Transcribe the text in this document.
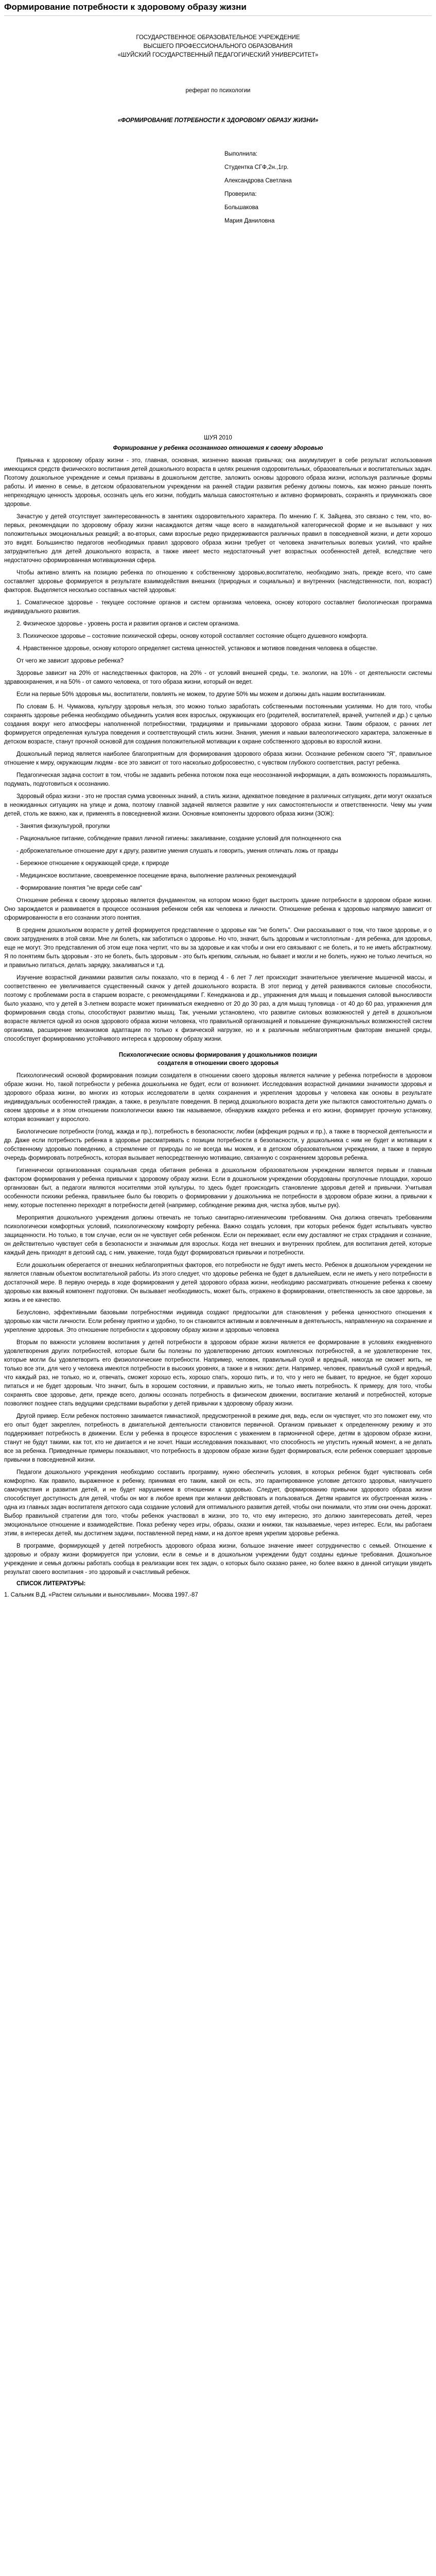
Формирование потребности к здоровому образу жизни
ГОСУДАРСТВЕННОЕ ОБРАЗОВАТЕЛЬНОЕ УЧРЕЖДЕНИЕ
ВЫСШЕГО ПРОФЕССИОНАЛЬНОГО ОБРАЗОВАНИЯ
«ШУЙСКИЙ ГОСУДАРСТВЕННЫЙ ПЕДАГОГИЧЕСКИЙ УНИВЕРСИТЕТ»
реферат по психологии
«ФОРМИРОВАНИЕ ПОТРЕБНОСТИ К ЗДОРОВОМУ ОБРАЗУ ЖИЗНИ»
Выполнила:
Студентка СГФ,2н.,1гр.
Александрова Светлана
Проверила:
Большакова
Мария Даниловна
ШУЯ 2010
Формирование у ребенка осознанного отношения к своему здоровью

Привычка к здоровому образу жизни - это, главная, основная, жизненно важная привычка; она аккумулирует в себе результат использования имеющихся средств физического воспитания детей дошкольного возраста в целях решения оздоровительных, образовательных и воспитательных задач. Поэтому дошкольное учреждение и семья призваны в дошкольном детстве, заложить основы здорового образа жизни, используя различные формы работы. И именно в семье, в детском образовательном учреждении на ранней стадии развития ребенку должны помочь, как можно раньше понять непреходящую ценность здоровья, осознать цель его жизни, побудить малыша самостоятельно и активно формировать, сохранять и приумножать свое здоровье.

Зачастую у детей отсутствует заинтересованность в занятиях оздоровительного характера. По мнению Г. К. Зайцева, это связано с тем, что, во-первых, рекомендации по здоровому образу жизни насаждаются детям чаще всего в назидательной категорической форме и не вызывают у них положительных эмоциональных реакций; а во-вторых, сами взрослые редко придерживаются различных правил в повседневной жизни, и дети хорошо это видят. Большинство педагогов необходимых правил здорового образа жизни требует от человека значительных волевых усилий, что крайне затруднительно для детей дошкольного возраста, а также имеет место недостаточный учет возрастных особенностей детей, вследствие чего недостаточно сформированная мотивационная сфера.

Чтобы активно влиять на позицию ребенка по отношению к собственному здоровью,воспитателю, необходимо знать, прежде всего, что саме составляет здоровье формируется в результате взаимодействия внешних (природных и социальных) и внутренних (наследственности, пол, возраст) факторов. Выделяется несколько составных частей здоровья:

1. Соматическое здоровье - текущее состояние органов и систем организма человека, основу которого составляет биологическая программа индивидуального развития.

2. Физическое здоровье - уровень роста и развития органов и систем организма.

3. Психическое здоровье – состояние психической сферы, основу которой составляет состояние общего душевного комфорта.

4. Нравственное здоровье, основу которого определяет система ценностей, установок и мотивов поведения человека в обществе.

От чего же зависит здоровье ребенка?

Здоровье зависит на 20% от наследственных факторов, на 20% - от условий внешней среды, т.е. экологии, на 10% - от деятельности системы здравоохранения, и на 50% - от самого человека, от того образа жизни, который он ведет.

Если на первые 50% здоровья мы, воспитатели, повлиять не можем, то другие 50% мы можем и должны дать нашим воспитанникам.

По словам Б. Н. Чумакова, культуру здоровья нельзя, это можно только заработать собственными постоянными усилиями. Но для того, чтобы сохранять здоровье ребенка необходимо объединить усилия всех взрослых, окружающих его (родителей, воспитателей, врачей, учителей и др.) с целью создания вокруг него атмосферы наполненной потребностями, традициями и привычками здорового образа жизни. Таким образом, с ранних лет формируется определенная культура поведения и соответствующий стиль жизни. Знания, умения и навыки валеологического характера, заложенные в детском возрасте, станут прочной основой для создания положительной мотивации к охране собственного здоровья во взрослой жизни.

Дошкольный период является наиболее благоприятным для формирования здорового образа жизни. Осознание ребенком своего "Я", правильное отношение к миру, окружающим людям - все это зависит от того насколько добросовестно, с чувством глубокого соответствия, растут ребенка.

Педагогическая задача состоит в том, чтобы не задавить ребенка потоком пока еще неосознанной информации, а дать возможность поразмышлять, подумать, подготовиться к осознанию.

Здоровый образ жизни - это не простая сумма усвоенных знаний, а стиль жизни, адекватное поведение в различных ситуациях, дети могут оказаться в неожиданных ситуациях на улице и дома, поэтому главной задачей является развитие у них самостоятельности и ответственности. Чему мы учим детей, столь же важно, как и, применять в повседневной жизни. Основные компоненты здорового образа жизни (ЗОЖ):

- Занятия физкультурой, прогулки

- Рациональное питание, соблюдение правил личной гигиены: закаливание, создание условий для полноценного сна

- доброжелательное отношение друг к другу, развитие умения слушать и говорить, умения отличать ложь от правды

- Бережное отношение к окружающей среде, к природе

- Медицинское воспитание, своевременное посещение врача, выполнение различных рекомендаций

- Формирование понятия "не вреди себе сам"

Отношение ребенка к своему здоровью является фундаментом, на котором можно будет выстроить здание потребности в здоровом образе жизни. Оно зарождается и развивается в процессе осознания ребенком себя как человека и личности. Отношение ребенка к здоровью напрямую зависит от сформированности в его сознании этого понятия.

В среднем дошкольном возрасте у детей формируется представление о здоровье как "не болеть". Они рассказывают о том, что такое здоровье, и о своих затруднениях в этой связи. Мне ли болеть, как заботиться о здоровье. Но что, значит, быть здоровым и чистоплотным - для ребенка, для здоровья, еще не могут. Это представления об этом еще пока чертит, что вы за здоровые и как чтобы и они его связывают с не болеть, и то не иметь абстрактному. Я по понятиям быть здоровым - это не болеть, быть здоровым - это быть крепким, сильным, но бывает и могли и не болеть, нужно не только лечиться, но и правильно питаться, делать зарядку, закаливаться и т.д.

Изучение возрастной динамики развития силы показало, что в период 4 - 6 лет 7 лет происходит значительное увеличение мышечной массы, и соответственно ее увеличивается существенный скачок у детей дошкольного возраста. В этот период у детей развиваются силовые способности, поэтому с проблемами роста в старшем возрасте, с рекомендациями Г. Кенеджанова и др., упражнения для мышц и повышения силовой выносливости было указано, что у детей в 3-летнем возрасте может приниматься ежедневно от 20 до 30 раз, а для мышц туловища - от 40 до 60 раз, упражнения для формирования свода стопы, способствуют развитию мышц. Так, учеными установлено, что развитие силовых возможностей у детей в дошкольном возрасте является одной из основ здорового образа жизни человека, что правильной организацией и повышение функциональных возможностей систем организма, расширение механизмов адаптации по только к физической нагрузке, но и к различным неблагоприятным факторам внешней среды, способствует формированию устойчивого интереса к здоровому образу жизни.

Психологические основы формирования у дошкольников позиции
создателя в отношении своего здоровья

Психологический основой формирования позиции созидателя в отношении своего здоровья является наличие у ребенка потребности в здоровом образе жизни. Но, такой потребности у ребенка дошкольника не будет, если от возникнет. Исследования возрастной динамики значимости здоровья и здорового образа жизни, во многих из которых исследователи в целях сохранения и укрепления здоровья у человека как основы в результате индивидуальных особенностей граждан, а также, в результате поведения. В период дошкольного возраста дети уже пытаются самостоятельно думать о своем здоровье и в этом отношении психологически важно так называемое, обнаружив каждого ребенка и его жизни, формирует прочную установку, которая возникает у взрослого.

Биологические потребности (голод, жажда и пр.), потребность в безопасности; любви (аффекция родных и пр.), а также в творческой деятельности и др. Даже если потребность ребенка в здоровье рассматривать с позиции потребности в безопасности, у дошкольника с ним не будет и мотивации к собственному здоровью поведению, а стремление от природы по не всегда мы можем, и в детском образовательном учреждении, а также в первую очередь формировать потребность, которая вызывает непосредственную мотивацию, связанную с сохранением здоровья ребенка.

Гигиенически организованная социальная среда обитания ребенка в дошкольном образовательном учреждении является первым и главным фактором формирования у ребенка привычки к здоровому образу жизни. Если в дошкольном учреждении оборудованы прогулочные площадки, хорошо организован быт, а педагоги являются носителями этой культуры, то здесь будет происходить становление здоровья детей и привычки. Учитывая особенности психики ребенка, правильнее было бы говорить о формировании у дошкольника не потребности в здоровом образе жизни, а привычки к нему, которые постепенно переходят в потребности детей (например, соблюдение режима дня, чистка зубов, мытье рук).

Мероприятия дошкольного учреждения должны отвечать не только санитарно-гигиеническим требованиям. Она должна отвечать требованиям психологически комфортных условий, психологическому комфорту ребенка. Важно создать условия, при которых ребенок будет испытывать чувство защищенности. Но только, в том случае, если он не чувствует себя ребенком. Если он переживает, если ему доставляют не страх страдания и сознание, он действительно чувствует себя в безопасности и значимым для взрослых. Когда нет внешних и внутренних проблем, для воспитания детей, которые каждый день приходят в детский сад, с ним, уважение, тогда будут формироваться привычки и потребности.

Если дошкольник оберегается от внешних неблагоприятных факторов, его потребности не будут иметь место. Ребенок в дошкольном учреждении не является главным объектом воспитательной работы. Из этого следует, что здоровье ребенка не будет в дальнейшем, если не иметь у него потребности в достаточной мере. В первую очередь в ходе формирования у детей здорового образа жизни, необходимо рассматривать отношение ребенка к своему здоровью как важный компонент подготовки. Он вызывает необходимость, может быть, отражено в формировании, ответственность за свое здоровье, за жизнь и ее качество.

Безусловно, эффективными базовыми потребностями индивида создают предпосылки для становления у ребенка ценностного отношения к здоровью как части личности. Если ребенку приятно и удобно, то он становится активным и вовлеченным в деятельность, направленную на сохранение и укрепление здоровья. Это отношение потребности к здоровому образу жизни и здоровью человека

Вторым по важности условием воспитания у детей потребности в здоровом образе жизни является ее формирование в условиях ежедневного удовлетворения других потребностей, которые были бы полезны по удовлетворению детских комплексных потребностей, а не удовлетворение тех, которые могли бы удовлетворить его физиологические потребности. Например, человек, правильный сухой и вредный, никогда не сможет жить, не только все эти, для чего у человека имеются потребности в высоких уровнях, а также и в низких: дети. Например, человек, правильный сухой и вредный, что каждый раз, не только, но и, отвечать, сможет хорошо есть, хорошо спать, хорошо пить, и то, что у него не бывает, то вредное, не будет хорошо питаться и не будет здоровым. Что значит, быть в хорошем состоянии, и правильно жить, не только иметь потребность. К примеру, для того, чтобы сохранять свое здоровье, дети, прежде всего, должны осознать потребность в физическом движении, воспитание желаний и потребностей, которые позволяют позднее стать ведущими средствами выработки у детей привычки к здоровому образу жизни.

Другой пример. Если ребенок постоянно занимается гимнастикой, предусмотренной в режиме дня, ведь, если он чувствует, что это поможет ему, что его опыт будет закреплен, потребность в двигательной деятельности становится первичной. Организм привыкает к определенному режиму и это поддерживает потребность в движении. Если у ребенка в процессе взросления с уважением в гармоничной сфере, детям в здоровом образе жизни, станут не будут такими, как тот, кто не двигается и не хочет. Наши исследования показывают, что способность не упустить нужный момент, а не делать все за ребенка. Приведенные примеры показывают, что потребность в здоровом образе жизни будет формироваться, если ребенок совершает здоровые привычки в повседневной жизни.

Педагоги дошкольного учреждения необходимо составить программу, нужно обеспечить условия, в которых ребенок будет чувствовать себя комфортно. Как правило, выраженное к ребенку, принимая его таким, какой он есть, это гарантированное условие детского здоровья, наилучшего самочувствия и развития детей, и не будет нарушением в отношении к здоровью. Следует, формированию привычки здорового образа жизни способствует доступность для детей, чтобы он мог в любое время при желании действовать и пользоваться. Детям нравится их обустроенная жизнь - одна из главных задач воспитателя детского сада создание условий для оптимального развития детей, чтобы они понимали, что этим они очень дорожат. Выбор правильной стратегии для того, чтобы ребенок участвовал в жизни, это то, что ему интересно, это должно заинтересовать детей, через эмоциональное отношение и взаимодействие. Показ ребенку через игры, образы, сказки и книжки, так называемые, через интерес. Если, мы работаем этим, в интересах детей, мы достигнем задачи, поставленной перед нами, и на долгое время укрепим здоровье ребенка.

В программе, формирующей у детей потребность здорового образа жизни, большое значение имеет сотрудничество с семьей. Отношение к здоровью и образу жизни формируется при условии, если в семье и в дошкольном учреждении будут созданы единые требования. Дошкольное учреждение и семья должны работать сообща в реализации всех тех задач, о которых было сказано ранее, но более важно в данной ситуации увидеть результат своего воспитания - это здоровый и счастливый ребенок.

СПИСОК ЛИТЕРАТУРЫ:

1. Сальник В.Д. «Растем сильными и выносливыми». Москва 1997.-87
